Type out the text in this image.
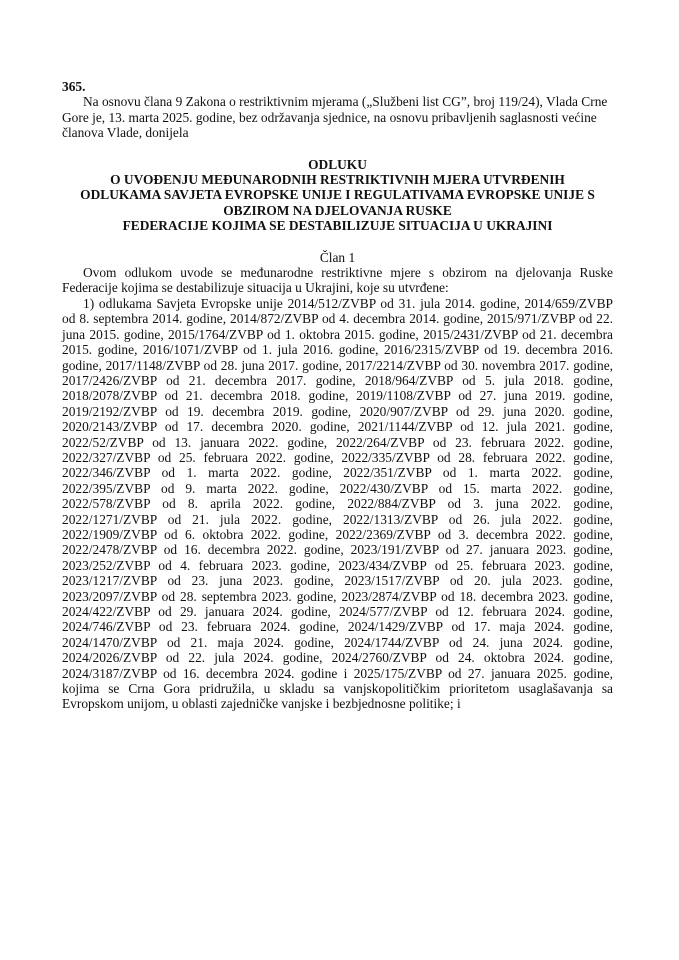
365.

Na osnovu člana 9 Zakona o restriktivnim mjerama („Službeni list CG”, broj 119/24), Vlada Crne Gore je, 13. marta 2025. godine, bez održavanja sjednice, na osnovu pribavljenih saglasnosti većine članova Vlade, donijela

ODLUKU
O UVOĐENJU MEĐUNARODNIH RESTRIKTIVNIH MJERA UTVRĐENIH
ODLUKAMA SAVJETA EVROPSKE UNIJE I REGULATIVAMA EVROPSKE UNIJE S
OBZIROM NA DJELOVANJA RUSKE
FEDERACIJE KOJIMA SE DESTABILIZUJE SITUACIJA U UKRAJINI
Član 1

Ovom odlukom uvode se međunarodne restriktivne mjere s obzirom na djelovanja Ruske Federacije kojima se destabilizuje situacija u Ukrajini, koje su utvrđene:

1) odlukama Savjeta Evropske unije 2014/512/ZVBP od 31. jula 2014. godine, 2014/659/ZVBP od 8. septembra 2014. godine, 2014/872/ZVBP od 4. decembra 2014. godine, 2015/971/ZVBP od 22. juna 2015. godine, 2015/1764/ZVBP od 1. oktobra 2015. godine, 2015/2431/ZVBP od 21. decembra 2015. godine, 2016/1071/ZVBP od 1. jula 2016. godine, 2016/2315/ZVBP od 19. decembra 2016. godine, 2017/1148/ZVBP od 28. juna 2017. godine, 2017/2214/ZVBP od 30. novembra 2017. godine, 2017/2426/ZVBP od 21. decembra 2017. godine, 2018/964/ZVBP od 5. jula 2018. godine, 2018/2078/ZVBP od 21. decembra 2018. godine, 2019/1108/ZVBP od 27. juna 2019. godine, 2019/2192/ZVBP od 19. decembra 2019. godine, 2020/907/ZVBP od 29. juna 2020. godine, 2020/2143/ZVBP od 17. decembra 2020. godine, 2021/1144/ZVBP od 12. jula 2021. godine, 2022/52/ZVBP od 13. januara 2022. godine, 2022/264/ZVBP od 23. februara 2022. godine, 2022/327/ZVBP od 25. februara 2022. godine, 2022/335/ZVBP od 28. februara 2022. godine, 2022/346/ZVBP od 1. marta 2022. godine, 2022/351/ZVBP od 1. marta 2022. godine, 2022/395/ZVBP od 9. marta 2022. godine, 2022/430/ZVBP od 15. marta 2022. godine, 2022/578/ZVBP od 8. aprila 2022. godine, 2022/884/ZVBP od 3. juna 2022. godine, 2022/1271/ZVBP od 21. jula 2022. godine, 2022/1313/ZVBP od 26. jula 2022. godine, 2022/1909/ZVBP od 6. oktobra 2022. godine, 2022/2369/ZVBP od 3. decembra 2022. godine, 2022/2478/ZVBP od 16. decembra 2022. godine, 2023/191/ZVBP od 27. januara 2023. godine, 2023/252/ZVBP od 4. februara 2023. godine, 2023/434/ZVBP od 25. februara 2023. godine, 2023/1217/ZVBP od 23. juna 2023. godine, 2023/1517/ZVBP od 20. jula 2023. godine, 2023/2097/ZVBP od 28. septembra 2023. godine, 2023/2874/ZVBP od 18. decembra 2023. godine, 2024/422/ZVBP od 29. januara 2024. godine, 2024/577/ZVBP od 12. februara 2024. godine, 2024/746/ZVBP od 23. februara 2024. godine, 2024/1429/ZVBP od 17. maja 2024. godine, 2024/1470/ZVBP od 21. maja 2024. godine, 2024/1744/ZVBP od 24. juna 2024. godine, 2024/2026/ZVBP od 22. jula 2024. godine, 2024/2760/ZVBP od 24. oktobra 2024. godine, 2024/3187/ZVBP od 16. decembra 2024. godine i 2025/175/ZVBP od 27. januara 2025. godine, kojima se Crna Gora pridružila, u skladu sa vanjskopolitičkim prioritetom usaglašavanja sa Evropskom unijom, u oblasti zajedničke vanjske i bezbjednosne politike; i
